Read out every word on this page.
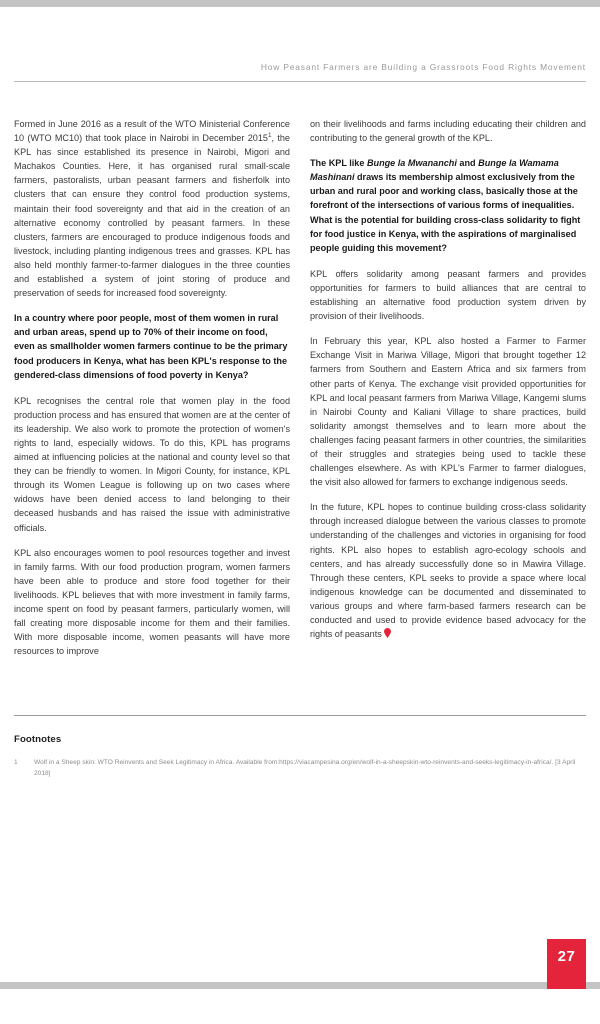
How Peasant Farmers are Building a Grassroots Food Rights Movement

Formed in June 2016 as a result of the WTO Ministerial Conference 10 (WTO MC10) that took place in Nairobi in December 2015$^1$, the KPL has since established its presence in Nairobi, Migori and Machakos Counties. Here, it has organised rural small-scale farmers, pastoralists, urban peasant farmers and fisherfolk into clusters that can ensure they control food production systems, maintain their food sovereignty and that aid in the creation of an alternative economy controlled by peasant farmers. In these clusters, farmers are encouraged to produce indigenous foods and livestock, including planting indigenous trees and grasses. KPL has also held monthly farmer-to-farmer dialogues in the three counties and established a system of joint storing of produce and preservation of seeds for increased food sovereignty.

In a country where poor people, most of them women in rural and urban areas, spend up to 70% of their income on food, even as smallholder women farmers continue to be the primary food producers in Kenya, what has been KPL's response to the gendered-class dimensions of food poverty in Kenya?

KPL recognises the central role that women play in the food production process and has ensured that women are at the center of its leadership. We also work to promote the protection of women's rights to land, especially widows. To do this, KPL has programs aimed at influencing policies at the national and county level so that they can be friendly to women. In Migori County, for instance, KPL through its Women League is following up on two cases where widows have been denied access to land belonging to their deceased husbands and has raised the issue with administrative officials.

KPL also encourages women to pool resources together and invest in family farms. With our food production program, women farmers have been able to produce and store food together for their livelihoods. KPL believes that with more investment in family farms, income spent on food by peasant farmers, particularly women, will fall creating more disposable income for them and their families. With more disposable income, women peasants will have more resources to improve

on their livelihoods and farms including educating their children and contributing to the general growth of the KPL.

The KPL like Bunge la Mwananchi and Bunge la Wamama Mashinani draws its membership almost exclusively from the urban and rural poor and working class, basically those at the forefront of the intersections of various forms of inequalities. What is the potential for building cross-class solidarity to fight for food justice in Kenya, with the aspirations of marginalised people guiding this movement?

KPL offers solidarity among peasant farmers and provides opportunities for farmers to build alliances that are central to establishing an alternative food production system driven by provision of their livelihoods.

In February this year, KPL also hosted a Farmer to Farmer Exchange Visit in Mariwa Village, Migori that brought together 12 farmers from Southern and Eastern Africa and six farmers from other parts of Kenya. The exchange visit provided opportunities for KPL and local peasant farmers from Mariwa Village, Kangemi slums in Nairobi County and Kaliani Village to share practices, build solidarity amongst themselves and to learn more about the challenges facing peasant farmers in other countries, the similarities of their struggles and strategies being used to tackle these challenges elsewhere. As with KPL's Farmer to farmer dialogues, the visit also allowed for farmers to exchange indigenous seeds.

In the future, KPL hopes to continue building cross-class solidarity through increased dialogue between the various classes to promote understanding of the challenges and victories in organising for food rights. KPL also hopes to establish agro-ecology schools and centers, and has already successfully done so in Mawira Village. Through these centers, KPL seeks to provide a space where local indigenous knowledge can be documented and disseminated to various groups and where farm-based farmers research can be conducted and used to provide evidence based advocacy for the rights of peasants

Footnotes
1	Wolf in a Sheep skin: WTO Reinvents and Seek Legitimacy in Africa. Available from:https://viacampesina.org/en/wolf-in-a-sheepskin-wto-reinvents-and-seeks-legitimacy-in-africa/. [3 April 2018]
27
